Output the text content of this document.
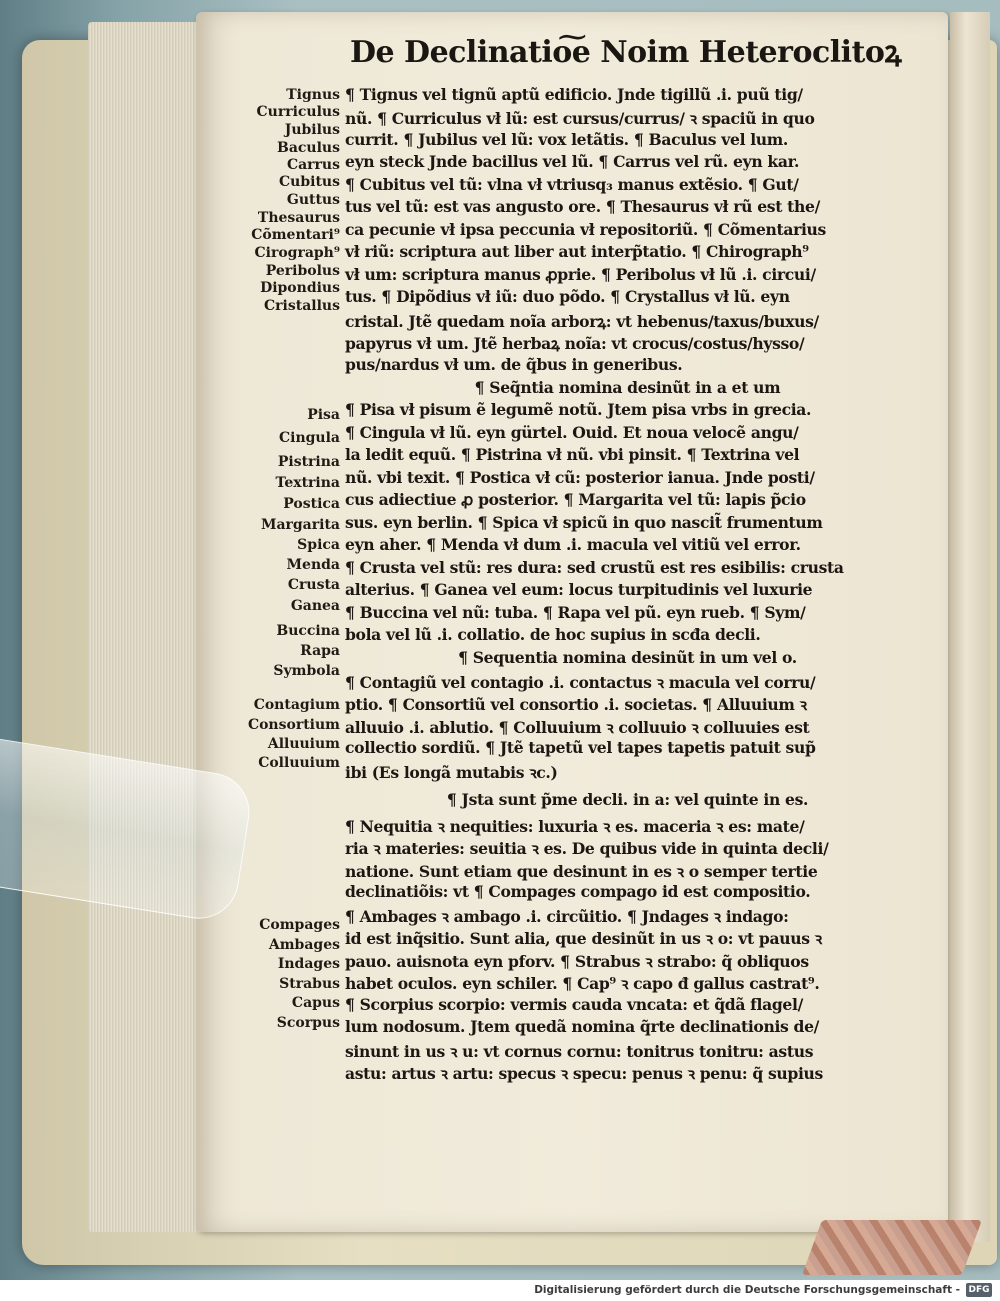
De Declinatio͠e Noim Heteroclitoꝝ
Tignus
Curriculus
Jubilus
Baculus
Carrus
Cubitus
Guttus
Thesaurus
Cõmentari⁹
Cirograph⁹
Peribolus
Dipondius
Cristallus
Pisa
Cingula
Pistrina
Textrina
Postica
Margarita
Spica
Menda
Crusta
Ganea
Buccina
Rapa
Symbola
Contagium
Consortium
Alluuium
Colluuium
Compages
Ambages
Indages
Strabus
Capus
Scorpus
¶ Tignus vel tignũ aptũ edificio. Jnde tigillũ .i. puũ tig/
nũ. ¶ Curriculus vł lũ: est cursus/currus/ ꝛ spaciũ in quo
currit. ¶ Jubilus vel lũ: vox letãtis. ¶ Baculus vel lum.
eyn steck Jnde bacillus vel lũ. ¶ Carrus vel rũ. eyn kar.
¶ Cubitus vel tũ: vlna vł vtriusq₃ manus extẽsio. ¶ Gut/
tus vel tũ: est vas angusto ore. ¶ Thesaurus vł rũ est the/
ca pecunie vł ipsa peccunia vł repositoriũ. ¶ Cõmentarius
vł riũ: scriptura aut liber aut interp̃tatio. ¶ Chirograph⁹
vł um: scriptura manus ꝓprie. ¶ Peribolus vł lũ .i. circui/
tus. ¶ Dipõdius vł iũ: duo põdo. ¶ Crystallus vł lũ. eyn
cristal. Jtẽ quedam noĩa arborꝝ: vt hebenus/taxus/buxus/
papyrus vł um. Jtẽ herbaꝝ noĩa: vt crocus/costus/hysso/
pus/nardus vł um. de q̃bus in generibus.
¶ Seq̃ntia nomina desinũt in a et um
¶ Pisa vł pisum ẽ legumẽ notũ. Jtem pisa vrbs in grecia.
¶ Cingula vł lũ. eyn gürtel. Ouid. Et noua velocẽ angu/
la ledit equũ. ¶ Pistrina vł nũ. vbi pinsit. ¶ Textrina vel
nũ. vbi texit. ¶ Postica vł cũ: posterior ianua. Jnde posti/
cus adiectiue ꝓ posterior. ¶ Margarita vel tũ: lapis p̃cio
sus. eyn berlin. ¶ Spica vł spicũ in quo nascit̃ frumentum
eyn aher. ¶ Menda vł dum .i. macula vel vitiũ vel error.
¶ Crusta vel stũ: res dura: sed crustũ est res esibilis: crusta
alterius. ¶ Ganea vel eum: locus turpitudinis vel luxurie
¶ Buccina vel nũ: tuba. ¶ Rapa vel pũ. eyn rueb. ¶ Sym/
bola vel lũ .i. collatio. de hoc supius in scđa decli.
¶ Sequentia nomina desinũt in um vel o.
¶ Contagiũ vel contagio .i. contactus ꝛ macula vel corru/
ptio. ¶ Consortiũ vel consortio .i. societas. ¶ Alluuium ꝛ
alluuio .i. ablutio. ¶ Colluuium ꝛ colluuio ꝛ colluuies est
collectio sordiũ. ¶ Jtẽ tapetũ vel tapes tapetis patuit sup̃
ibi (Es longã mutabis ꝛc.)
¶ Jsta sunt p̃me decli. in a: vel quinte in es.
¶ Nequitia ꝛ nequities: luxuria ꝛ es. maceria ꝛ es: mate/
ria ꝛ materies: seuitia ꝛ es. De quibus vide in quinta decli/
natione. Sunt etiam que desinunt in es ꝛ o semper tertie
declinatiõis: vt ¶ Compages compago id est compositio.
¶ Ambages ꝛ ambago .i. circũitio. ¶ Jndages ꝛ indago:
id est inq̃sitio. Sunt alia, que desinũt in us ꝛ o: vt pauus ꝛ
pauo. auisnota eyn pforv. ¶ Strabus ꝛ strabo: q̃ obliquos
habet oculos. eyn schiler. ¶ Cap⁹ ꝛ capo đ gallus castrat⁹.
¶ Scorpius scorpio: vermis cauda vncata: et q̃dã flagel/
lum nodosum. Jtem quedã nomina q̃rte declinationis de/
sinunt in us ꝛ u: vt cornus cornu: tonitrus tonitru: astus
astu: artus ꝛ artu: specus ꝛ specu: penus ꝛ penu: q̃ supius
Digitalisierung gefördert durch die Deutsche Forschungsgemeinschaft - DFG
